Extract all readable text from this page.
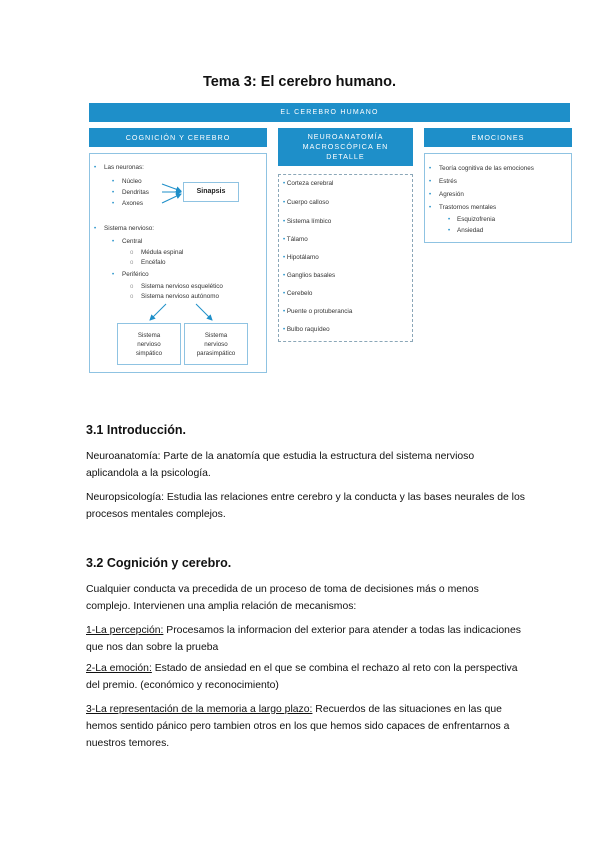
Tema 3: El cerebro humano.
EL CEREBRO HUMANO
COGNICIÓN Y CEREBRO	NEUROANATOMÍA
MACROSCÓPICA EN
DETALLE
EMOCIONES
• Las neuronas:
• Núcleo
• Dendritas
• Axones
Sinapsis
• Sistema nervioso:
• Central
o Médula espinal
o Encéfalo
• Periférico
o Sistema nervioso esquelético
o Sistema nervioso autónomo
Sistema
nervioso
simpático
Sistema
nervioso
parasimpático
• Corteza cerebral
• Cuerpo calloso
• Sistema límbico
• Tálamo
• Hipotálamo
• Ganglios basales
• Cerebelo
• Puente o protuberancia
• Bulbo raquídeo
• Teoría cognitiva de las emociones
• Estrés
• Agresión
• Trastornos mentales
• Esquizofrenia
• Ansiedad
3.1 Introducción.
Neuroanatomía: Parte de la anatomía que estudia la estructura del sistema nervioso aplicandola a la psicología.
Neuropsicología: Estudia las relaciones entre cerebro y la conducta y las bases neurales de los procesos mentales complejos.
3.2 Cognición y cerebro.
Cualquier conducta va precedida de un proceso de toma de decisiones más o menos complejo. Intervienen una amplia relación de mecanismos:
1-La percepción: Procesamos la informacion del exterior para atender a todas las indicaciones que nos dan sobre la prueba
2-La emoción: Estado de ansiedad en el que se combina el rechazo al reto con la perspectiva del premio. (económico y reconocimiento)
3-La representación de la memoria a largo plazo: Recuerdos de las situaciones en las que hemos sentido pánico pero tambien otros en los que hemos sido capaces de enfrentarnos a nuestros temores.
